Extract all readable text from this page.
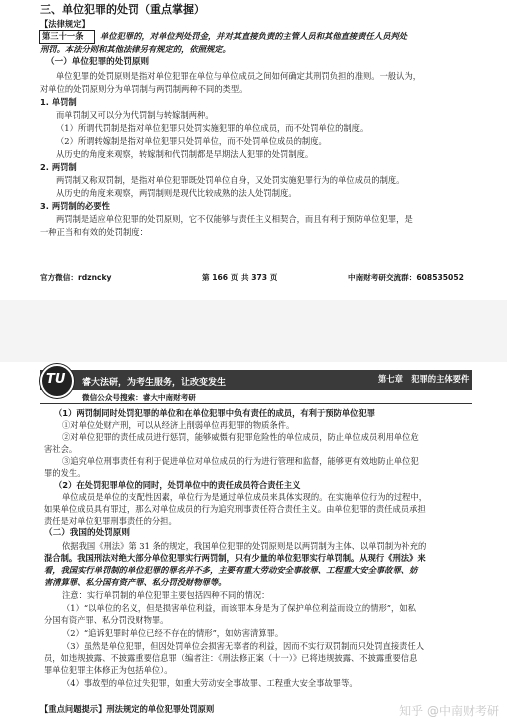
三、单位犯罪的处罚（重点掌握）
【法律规定】
第三十一条 单位犯罪的，对单位判处罚金，并对其直接负责的主管人员和其他直接责任人员判处
刑罚。本法分则和其他法律另有规定的，依照规定。
（一）单位犯罪的处罚原则
单位犯罪的处罚原则是指对单位犯罪在单位与单位成员之间如何确定其刑罚负担的准则。一般认为，
对单位的处罚原则分为单罚制与两罚制两种不同的类型。
1. 单罚制
而单罚制又可以分为代罚制与转嫁制两种。
（1）所谓代罚制是指对单位犯罪只处罚实施犯罪的单位成员，而不处罚单位的制度。
（2）所谓转嫁制是指对单位犯罪只处罚单位，而不处罚单位成员的制度。
从历史的角度来观察，转嫁制和代罚制都是早期法人犯罪的处罚制度。
2. 两罚制
两罚制又称双罚制，是指对单位犯罪既处罚单位自身，又处罚实施犯罪行为的单位成员的制度。
从历史的角度来观察，两罚制则是现代比较成熟的法人处罚制度。
3. 两罚制的必要性
两罚制是适应单位犯罪的处罚原则，它不仅能够与责任主义相契合，而且有利于预防单位犯罪，是
一种正当和有效的处罚制度：
官方微信：rdzncky	第 166 页 共 373 页	中南财考研交流群：608535052
TU 睿大法研，为考生服务，让改变发生
微信公众号搜索：睿大中南财考研
第七章　犯罪的主体要件
（1）两罚制同时处罚犯罪的单位和在单位犯罪中负有责任的成员，有利于预防单位犯罪
①对单位处财产刑，可以从经济上削弱单位再犯罪的物质条件。
②对单位犯罪的责任成员进行惩罚，能够威慑有犯罪危险性的单位成员，防止单位成员利用单位危
害社会。
③追究单位刑事责任有利于促进单位对单位成员的行为进行管理和监督，能够更有效地防止单位犯
罪的发生。
（2）在处罚犯罪单位的同时，处罚单位中的责任成员符合责任主义
单位成员是单位的支配性因素，单位行为是通过单位成员来具体实现的。在实施单位行为的过程中，
如果单位成员具有罪过，那么对单位成员的行为追究刑事责任符合责任主义。由单位犯罪的责任成员承担
责任是对单位犯罪刑事责任的分担。
（二）我国的处罚原则
依据我国《刑法》第 31 条的规定，我国单位犯罪的处罚原则是以两罚制为主体、以单罚制为补充的
混合制。我国刑法对绝大部分单位犯罪实行两罚制，只有少量的单位犯罪实行单罚制。从现行《刑法》来
看，我国实行单罚制的单位犯罪的罪名并不多，主要有重大劳动安全事故罪、工程重大安全事故罪、妨
害清算罪、私分国有资产罪、私分罚没财物罪等。
注意：实行单罚制的单位犯罪主要包括四种不同的情况：
（1）“以单位的名义，但是损害单位利益，而该罪本身是为了保护单位利益而设立的情形”，如私
分国有资产罪、私分罚没财物罪。
（2）“追诉犯罪时单位已经不存在的情形”，如妨害清算罪。
（3）虽然是单位犯罪，但因处罚单位会损害无辜者的利益，因而不实行双罚制而只处罚直接责任人
员，如违规披露、不披露重要信息罪（编者注：《刑法修正案（十一）》已将违规披露、不披露重要信息
罪单位犯罪主体修正为包括单位）。
（4）事故型的单位过失犯罪，如重大劳动安全事故罪、工程重大安全事故罪等。
【重点问题提示】刑法规定的单位犯罪处罚原则	知乎 @中南财考研
